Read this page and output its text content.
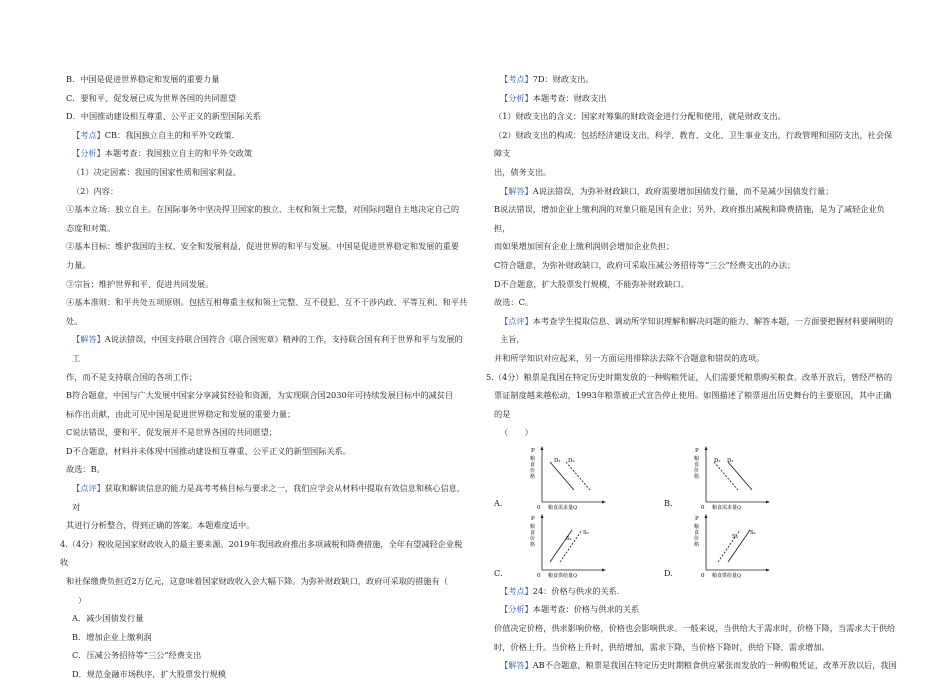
B．中国是促进世界稳定和发展的重要力量

C．要和平、促发展已成为世界各国的共同愿望

D．中国推动建设相互尊重、公平正义的新型国际关系

【考点】CB：我国独立自主的和平外交政策．

【分析】本题考查：我国独立自主的和平外交政策

（1）决定因素：我国的国家性质和国家利益。

（2）内容：

①基本立场：独立自主。在国际事务中坚决捍卫国家的独立、主权和领土完整，对国际问题自主地决定自己的

态度和对策。

②基本目标：维护我国的主权、安全和发展利益，促进世界的和平与发展。中国是促进世界稳定和发展的重要

力量。

③宗旨：维护世界和平、促进共同发展。

④基本准则：和平共处五项原则。包括互相尊重主权和领土完整、互不侵犯、互不干涉内政、平等互利、和平共

处。

【解答】A说法错误，中国支持联合国符合《联合国宪章》精神的工作，支持联合国有利于世界和平与发展的工

作，而不是支持联合国的各项工作；

B符合题意，中国与广大发展中国家分享减贫经验和资源，为实现联合国2030年可持续发展目标中的减贫目

标作出贡献，由此可见中国是促进世界稳定和发展的重要力量；

C说法错误，要和平、促发展并不是世界各国的共同愿望；

D不合题意，材料并未体现中国推动建设相互尊重、公平正义的新型国际关系。

故选：B。

【点评】获取和解读信息的能力是高考考核目标与要求之一，我们应学会从材料中提取有效信息和核心信息，对

其进行分析整合，得到正确的答案。本题难度适中。

4.（4分）税收是国家财政收入的最主要来源。2019年我国政府推出多项减税和降费措施，全年有望减轻企业税收

和社保缴费负担近2万亿元，这意味着国家财政收入会大幅下降。为弥补财政缺口，政府可采取的措施有（

）

A．减少国债发行量

B．增加企业上缴利润

C．压减公务招待等“三公”经费支出

D．规范金融市场秩序，扩大股票发行规模

【考点】7D：财政支出。

【分析】本题考查：财政支出

（1）财政支出的含义：国家对筹集的财政资金进行分配和使用，就是财政支出。

（2）财政支出的构成：包括经济建设支出，科学、教育、文化、卫生事业支出，行政管理和国防支出，社会保障支

出，债务支出。

【解答】A说法错误，为弥补财政缺口，政府需要增加国债发行量，而不是减少国债发行量；

B说法错误，增加企业上缴利润的对象只能是国有企业；另外，政府推出减税和降费措施，是为了减轻企业负担，

而如果增加国有企业上缴利润则会增加企业负担；

C符合题意，为弥补财政缺口，政府可采取压减公务招待等“三公”经费支出的办法；

D不合题意，扩大股票发行规模，不能弥补财政缺口。

故选：C。

【点评】本考查学生提取信息、调动所学知识理解和解决问题的能力、解答本题，一方面要把握材料要阐明的主旨，

并和所学知识对应起来，另一方面运用排除法去除不合题意和错误的选项。

5.（4分）粮票是我国在特定历史时期发放的一种购粮凭证，人们需要凭粮票购买粮食。改革开放后，曾经严格的

票证制度越来越松动，1993年粮票被正式宣告停止使用。如图描述了粮票退出历史舞台的主要原因，其中正确

的是

（　　）

A.
P
粮
食
价
格
0 粮食需求量Q
D₁ D₂
B.
P
粮
食
价
格
0 粮食需求量Q
D₂ D₁
C.
P
粮
食
价
格
0 粮食供给量Q
S₁
S₂
D.
P
粮
食
价
格
0 粮食供给量Q
S₂
S₁

【考点】24：价格与供求的关系．

【分析】本题考查：价格与供求的关系

价值决定价格，供求影响价格，价格也会影响供求。一般来说，当供给大于需求时，价格下降，当需求大于供给

时，价格上升。当价格上升时，供给增加，需求下降，当价格下降时，供给下降，需求增加。

【解答】AB不合题意，粮票是我国在特定历史时期粮食供应紧张而发放的一种购粮凭证，改革开放以后，我国
